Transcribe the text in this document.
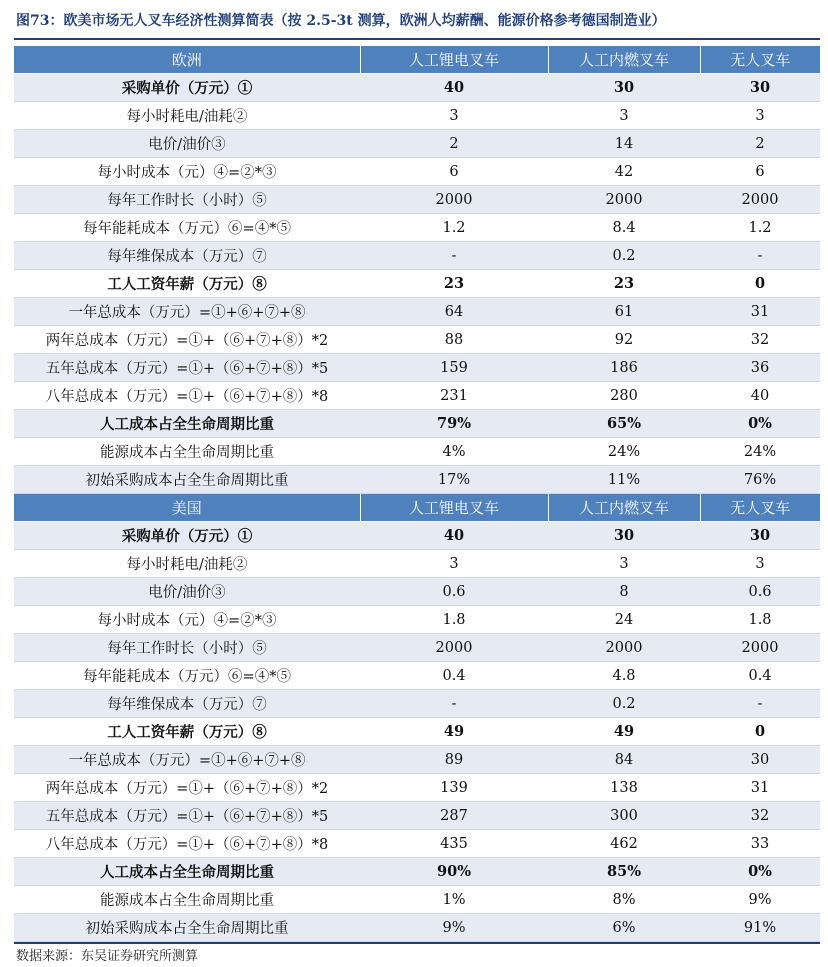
图73：欧美市场无人叉车经济性测算简表（按 2.5-3t 测算，欧洲人均薪酬、能源价格参考德国制造业）
欧洲	人工锂电叉车	人工内燃叉车	无人叉车
采购单价（万元）①	40	30	30
每小时耗电/油耗②	3	3	3
电价/油价③	2	14	2
每小时成本（元）④=②*③	6	42	6
每年工作时长（小时）⑤	2000	2000	2000
每年能耗成本（万元）⑥=④*⑤	1.2	8.4	1.2
每年维保成本（万元）⑦	-	0.2	-
工人工资年薪（万元）⑧	23	23	0
一年总成本（万元）=①+⑥+⑦+⑧	64	61	31
两年总成本（万元）=①+（⑥+⑦+⑧）*2	88	92	32
五年总成本（万元）=①+（⑥+⑦+⑧）*5	159	186	36
八年总成本（万元）=①+（⑥+⑦+⑧）*8	231	280	40
人工成本占全生命周期比重	79%	65%	0%
能源成本占全生命周期比重	4%	24%	24%
初始采购成本占全生命周期比重	17%	11%	76%
美国	人工锂电叉车	人工内燃叉车	无人叉车
采购单价（万元）①	40	30	30
每小时耗电/油耗②	3	3	3
电价/油价③	0.6	8	0.6
每小时成本（元）④=②*③	1.8	24	1.8
每年工作时长（小时）⑤	2000	2000	2000
每年能耗成本（万元）⑥=④*⑤	0.4	4.8	0.4
每年维保成本（万元）⑦	-	0.2	-
工人工资年薪（万元）⑧	49	49	0
一年总成本（万元）=①+⑥+⑦+⑧	89	84	30
两年总成本（万元）=①+（⑥+⑦+⑧）*2	139	138	31
五年总成本（万元）=①+（⑥+⑦+⑧）*5	287	300	32
八年总成本（万元）=①+（⑥+⑦+⑧）*8	435	462	33
人工成本占全生命周期比重	90%	85%	0%
能源成本占全生命周期比重	1%	8%	9%
初始采购成本占全生命周期比重	9%	6%	91%
数据来源：东吴证券研究所测算
